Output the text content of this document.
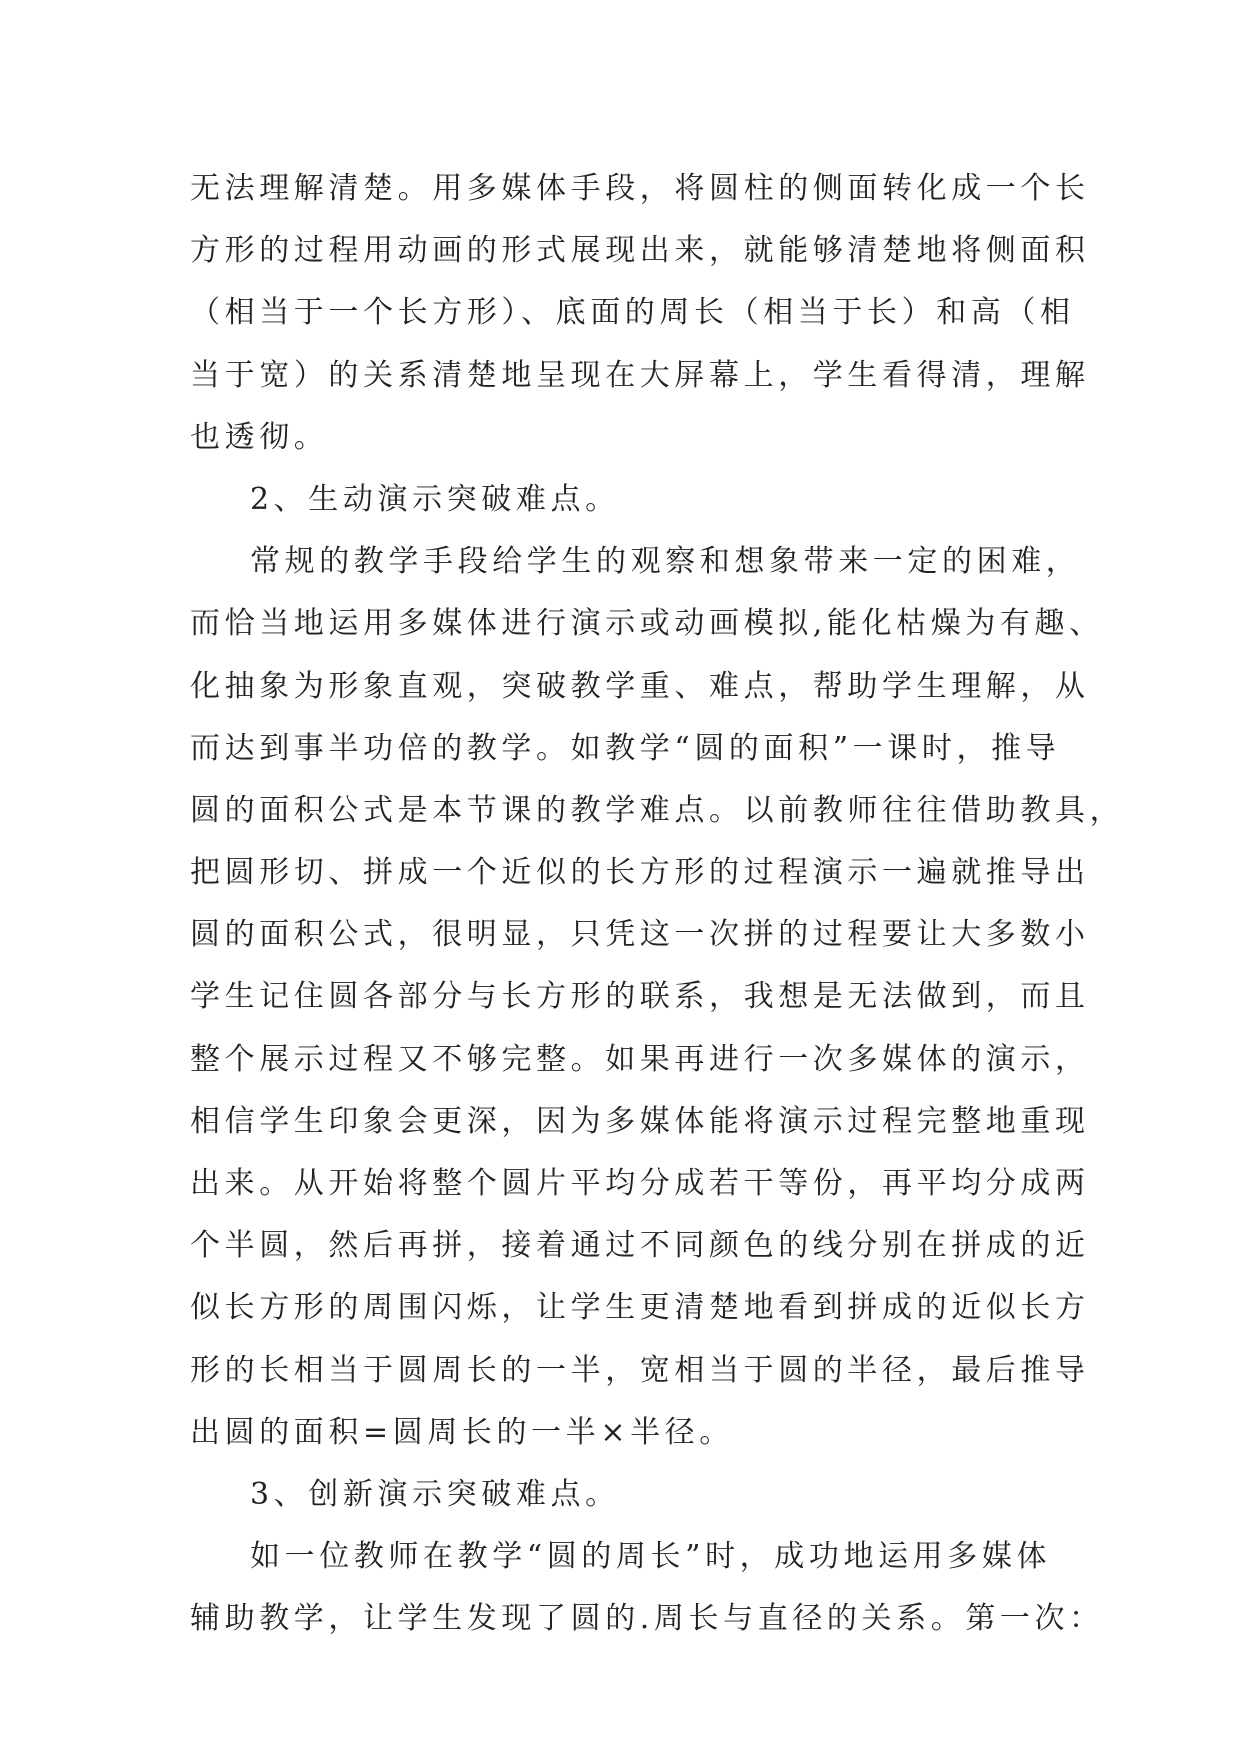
无法理解清楚。用多媒体手段，将圆柱的侧面转化成一个长
方形的过程用动画的形式展现出来，就能够清楚地将侧面积
（相当于一个长方形）、底面的周长（相当于长）和高（相
当于宽）的关系清楚地呈现在大屏幕上，学生看得清，理解
也透彻。
2、生动演示突破难点。
常规的教学手段给学生的观察和想象带来一定的困难，
而恰当地运用多媒体进行演示或动画模拟,能化枯燥为有趣、
化抽象为形象直观，突破教学重、难点，帮助学生理解，从
而达到事半功倍的教学。如教学“圆的面积”一课时，推导
圆的面积公式是本节课的教学难点。以前教师往往借助教具，
把圆形切、拼成一个近似的长方形的过程演示一遍就推导出
圆的面积公式，很明显，只凭这一次拼的过程要让大多数小
学生记住圆各部分与长方形的联系，我想是无法做到，而且
整个展示过程又不够完整。如果再进行一次多媒体的演示，
相信学生印象会更深，因为多媒体能将演示过程完整地重现
出来。从开始将整个圆片平均分成若干等份，再平均分成两
个半圆，然后再拼，接着通过不同颜色的线分别在拼成的近
似长方形的周围闪烁，让学生更清楚地看到拼成的近似长方
形的长相当于圆周长的一半，宽相当于圆的半径，最后推导
出圆的面积=圆周长的一半×半径。
3、创新演示突破难点。
如一位教师在教学“圆的周长”时，成功地运用多媒体
辅助教学，让学生发现了圆的.周长与直径的关系。第一次：
